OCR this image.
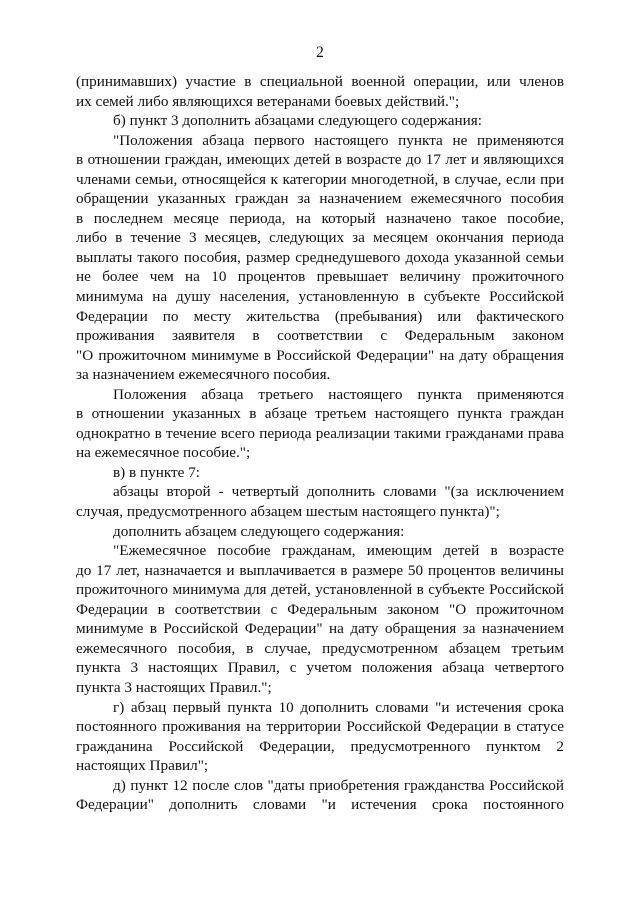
2
(принимавших) участие в специальной военной операции, или членов
их семей либо являющихся ветеранами боевых действий.";
б) пункт 3 дополнить абзацами следующего содержания:
"Положения абзаца первого настоящего пункта не применяются
в отношении граждан, имеющих детей в возрасте до 17 лет и являющихся
членами семьи, относящейся к категории многодетной, в случае, если при
обращении указанных граждан за назначением ежемесячного пособия
в последнем месяце периода, на который назначено такое пособие,
либо в течение 3 месяцев, следующих за месяцем окончания периода
выплаты такого пособия, размер среднедушевого дохода указанной семьи
не более чем на 10 процентов превышает величину прожиточного
минимума на душу населения, установленную в субъекте Российской
Федерации по месту жительства (пребывания) или фактического
проживания заявителя в соответствии с Федеральным законом
"О прожиточном минимуме в Российской Федерации" на дату обращения
за назначением ежемесячного пособия.
Положения абзаца третьего настоящего пункта применяются
в отношении указанных в абзаце третьем настоящего пункта граждан
однократно в течение всего периода реализации такими гражданами права
на ежемесячное пособие.";
в) в пункте 7:
абзацы второй - четвертый дополнить словами "(за исключением
случая, предусмотренного абзацем шестым настоящего пункта)";
дополнить абзацем следующего содержания:
"Ежемесячное пособие гражданам, имеющим детей в возрасте
до 17 лет, назначается и выплачивается в размере 50 процентов величины
прожиточного минимума для детей, установленной в субъекте Российской
Федерации в соответствии с Федеральным законом "О прожиточном
минимуме в Российской Федерации" на дату обращения за назначением
ежемесячного пособия, в случае, предусмотренном абзацем третьим
пункта 3 настоящих Правил, с учетом положения абзаца четвертого
пункта 3 настоящих Правил.";
г) абзац первый пункта 10 дополнить словами "и истечения срока
постоянного проживания на территории Российской Федерации в статусе
гражданина Российской Федерации, предусмотренного пунктом 2
настоящих Правил";
д) пункт 12 после слов "даты приобретения гражданства Российской
Федерации" дополнить словами "и истечения срока постоянного
